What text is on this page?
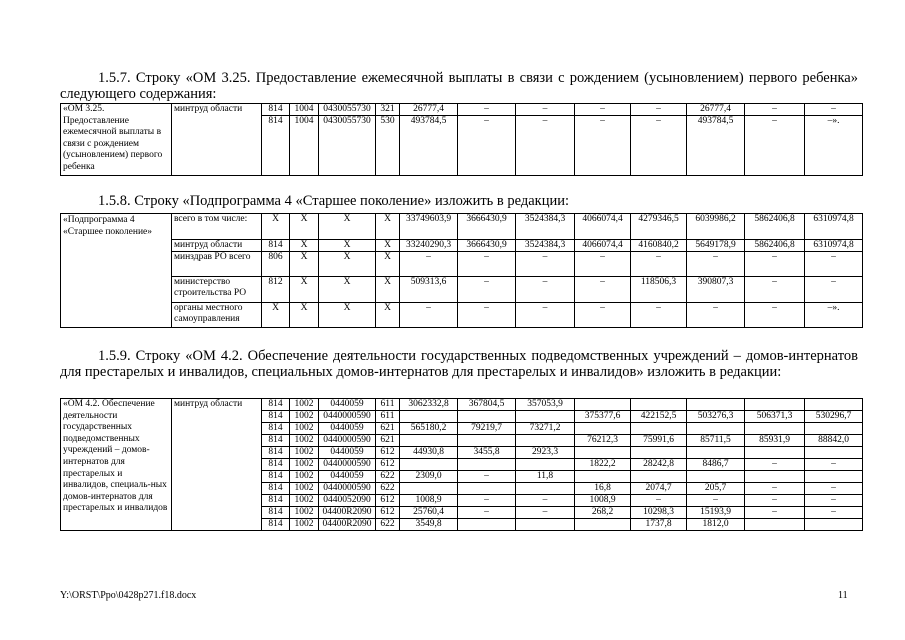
1.5.7. Строку «ОМ 3.25. Предоставление ежемесячной выплаты в связи с рождением (усыновлением) первого ребенка» следующего содержания:

«ОМ 3.25. Предоставление ежемесячной выплаты в связи с рождением (усыновлением) первого ребенка	минтруд области	814	1004	0430055730	321	26777,4	–	–	–	–	26777,4	–	–
		814	1004	0430055730	530	493784,5	–	–	–	–	493784,5	–	–».

1.5.8. Строку «Подпрограмма 4 «Старшее поколение» изложить в редакции:

«Подпрограмма 4 «Старшее поколение»	всего в том числе:	X	X	X	X	33749603,9	3666430,9	3524384,3	4066074,4	4279346,5	6039986,2	5862406,8	6310974,8
	минтруд области	814	X	X	X	33240290,3	3666430,9	3524384,3	4066074,4	4160840,2	5649178,9	5862406,8	6310974,8
	минздрав РО всего	806	X	X	X	–	–	–	–	–	–	–	–
	министерство строительства РО	812	X	X	X	509313,6	–	–	–	118506,3	390807,3	–	–
	органы местного самоуправления	X	X	X	X	–	–	–	–	–	–	–	–».

1.5.9. Строку «ОМ 4.2. Обеспечение деятельности государственных подведомственных учреждений – домов-интернатов для престарелых и инвалидов, специальных домов-интернатов для престарелых и инвалидов» изложить в редакции:

«ОМ 4.2. Обеспечение деятельности государственных подведомственных учреждений – домов-интернатов для престарелых и инвалидов, специаль-ных домов-интернатов для престарелых и инвалидов	минтруд области	814	1002	0440059	611	3062332,8	367804,5	357053,9					
		814	1002	0440000590	611				375377,6	422152,5	503276,3	506371,3	530296,7
		814	1002	0440059	621	565180,2	79219,7	73271,2					
		814	1002	0440000590	621				76212,3	75991,6	85711,5	85931,9	88842,0
		814	1002	0440059	612	44930,8	3455,8	2923,3					
		814	1002	0440000590	612				1822,2	28242,8	8486,7	–	–
		814	1002	0440059	622	2309,0	–	11,8					
		814	1002	0440000590	622				16,8	2074,7	205,7	–	–
		814	1002	0440052090	612	1008,9	–	–	1008,9	–	–	–	–
		814	1002	04400R2090	612	25760,4	–	–	268,2	10298,3	15193,9	–	–
		814	1002	04400R2090	622	3549,8				1737,8	1812,0		
Y:\ORST\Ppo\0428p271.f18.docx	11
